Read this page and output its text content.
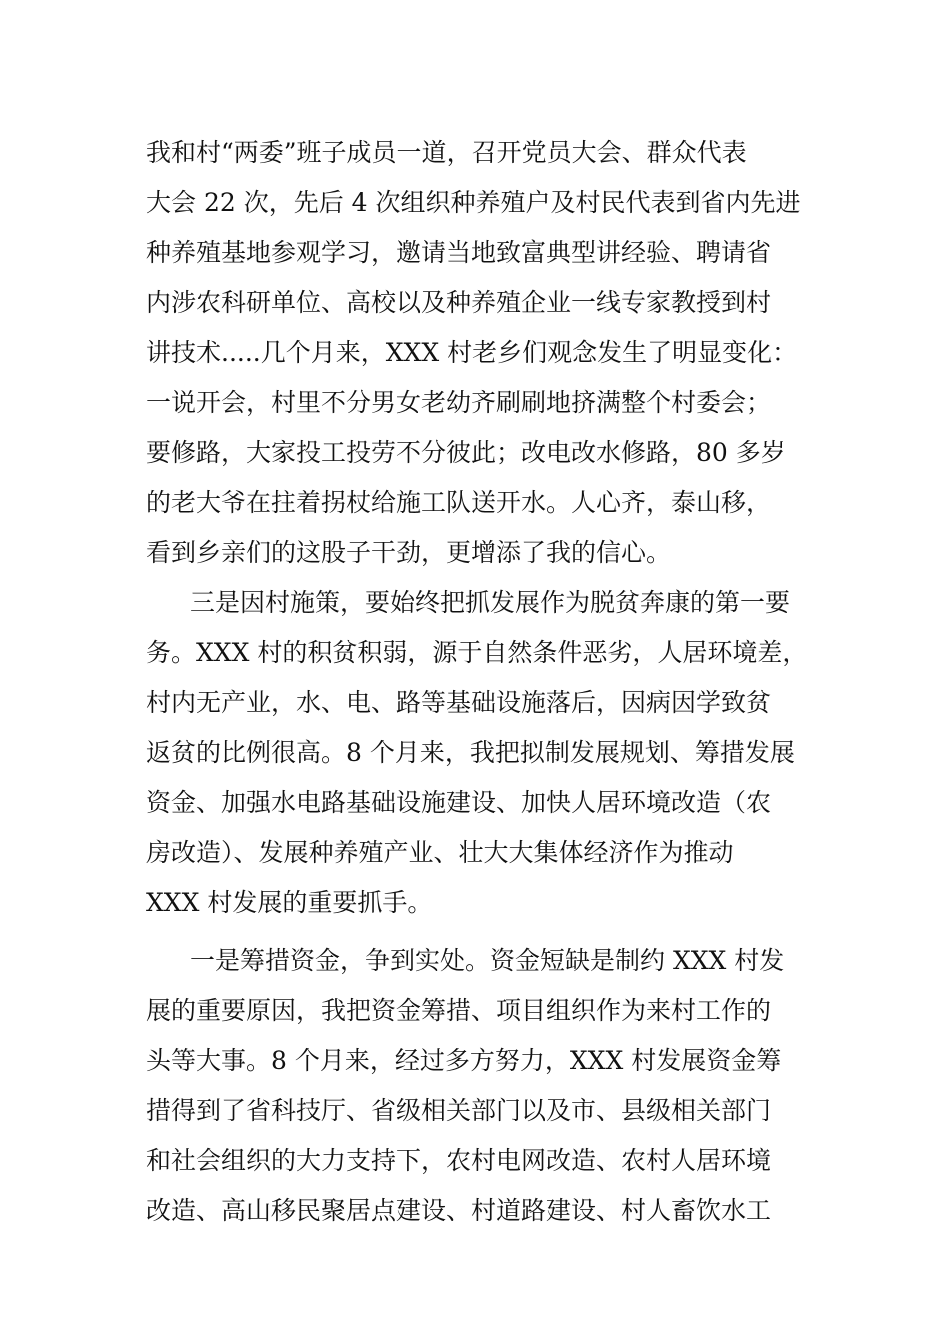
我和村“两委”班子成员一道，召开党员大会、群众代表
大会 22 次，先后 4 次组织种养殖户及村民代表到省内先进
种养殖基地参观学习，邀请当地致富典型讲经验、聘请省
内涉农科研单位、高校以及种养殖企业一线专家教授到村
讲技术.....几个月来，XXX 村老乡们观念发生了明显变化：
一说开会，村里不分男女老幼齐刷刷地挤满整个村委会；
要修路，大家投工投劳不分彼此；改电改水修路，80 多岁
的老大爷在拄着拐杖给施工队送开水。人心齐，泰山移，
看到乡亲们的这股子干劲，更增添了我的信心。
三是因村施策，要始终把抓发展作为脱贫奔康的第一要
务。XXX 村的积贫积弱，源于自然条件恶劣，人居环境差，
村内无产业，水、电、路等基础设施落后，因病因学致贫
返贫的比例很高。8 个月来，我把拟制发展规划、筹措发展
资金、加强水电路基础设施建设、加快人居环境改造（农
房改造）、发展种养殖产业、壮大大集体经济作为推动
XXX 村发展的重要抓手。
一是筹措资金，争到实处。资金短缺是制约 XXX 村发
展的重要原因，我把资金筹措、项目组织作为来村工作的
头等大事。8 个月来，经过多方努力，XXX 村发展资金筹
措得到了省科技厅、省级相关部门以及市、县级相关部门
和社会组织的大力支持下，农村电网改造、农村人居环境
改造、高山移民聚居点建设、村道路建设、村人畜饮水工
